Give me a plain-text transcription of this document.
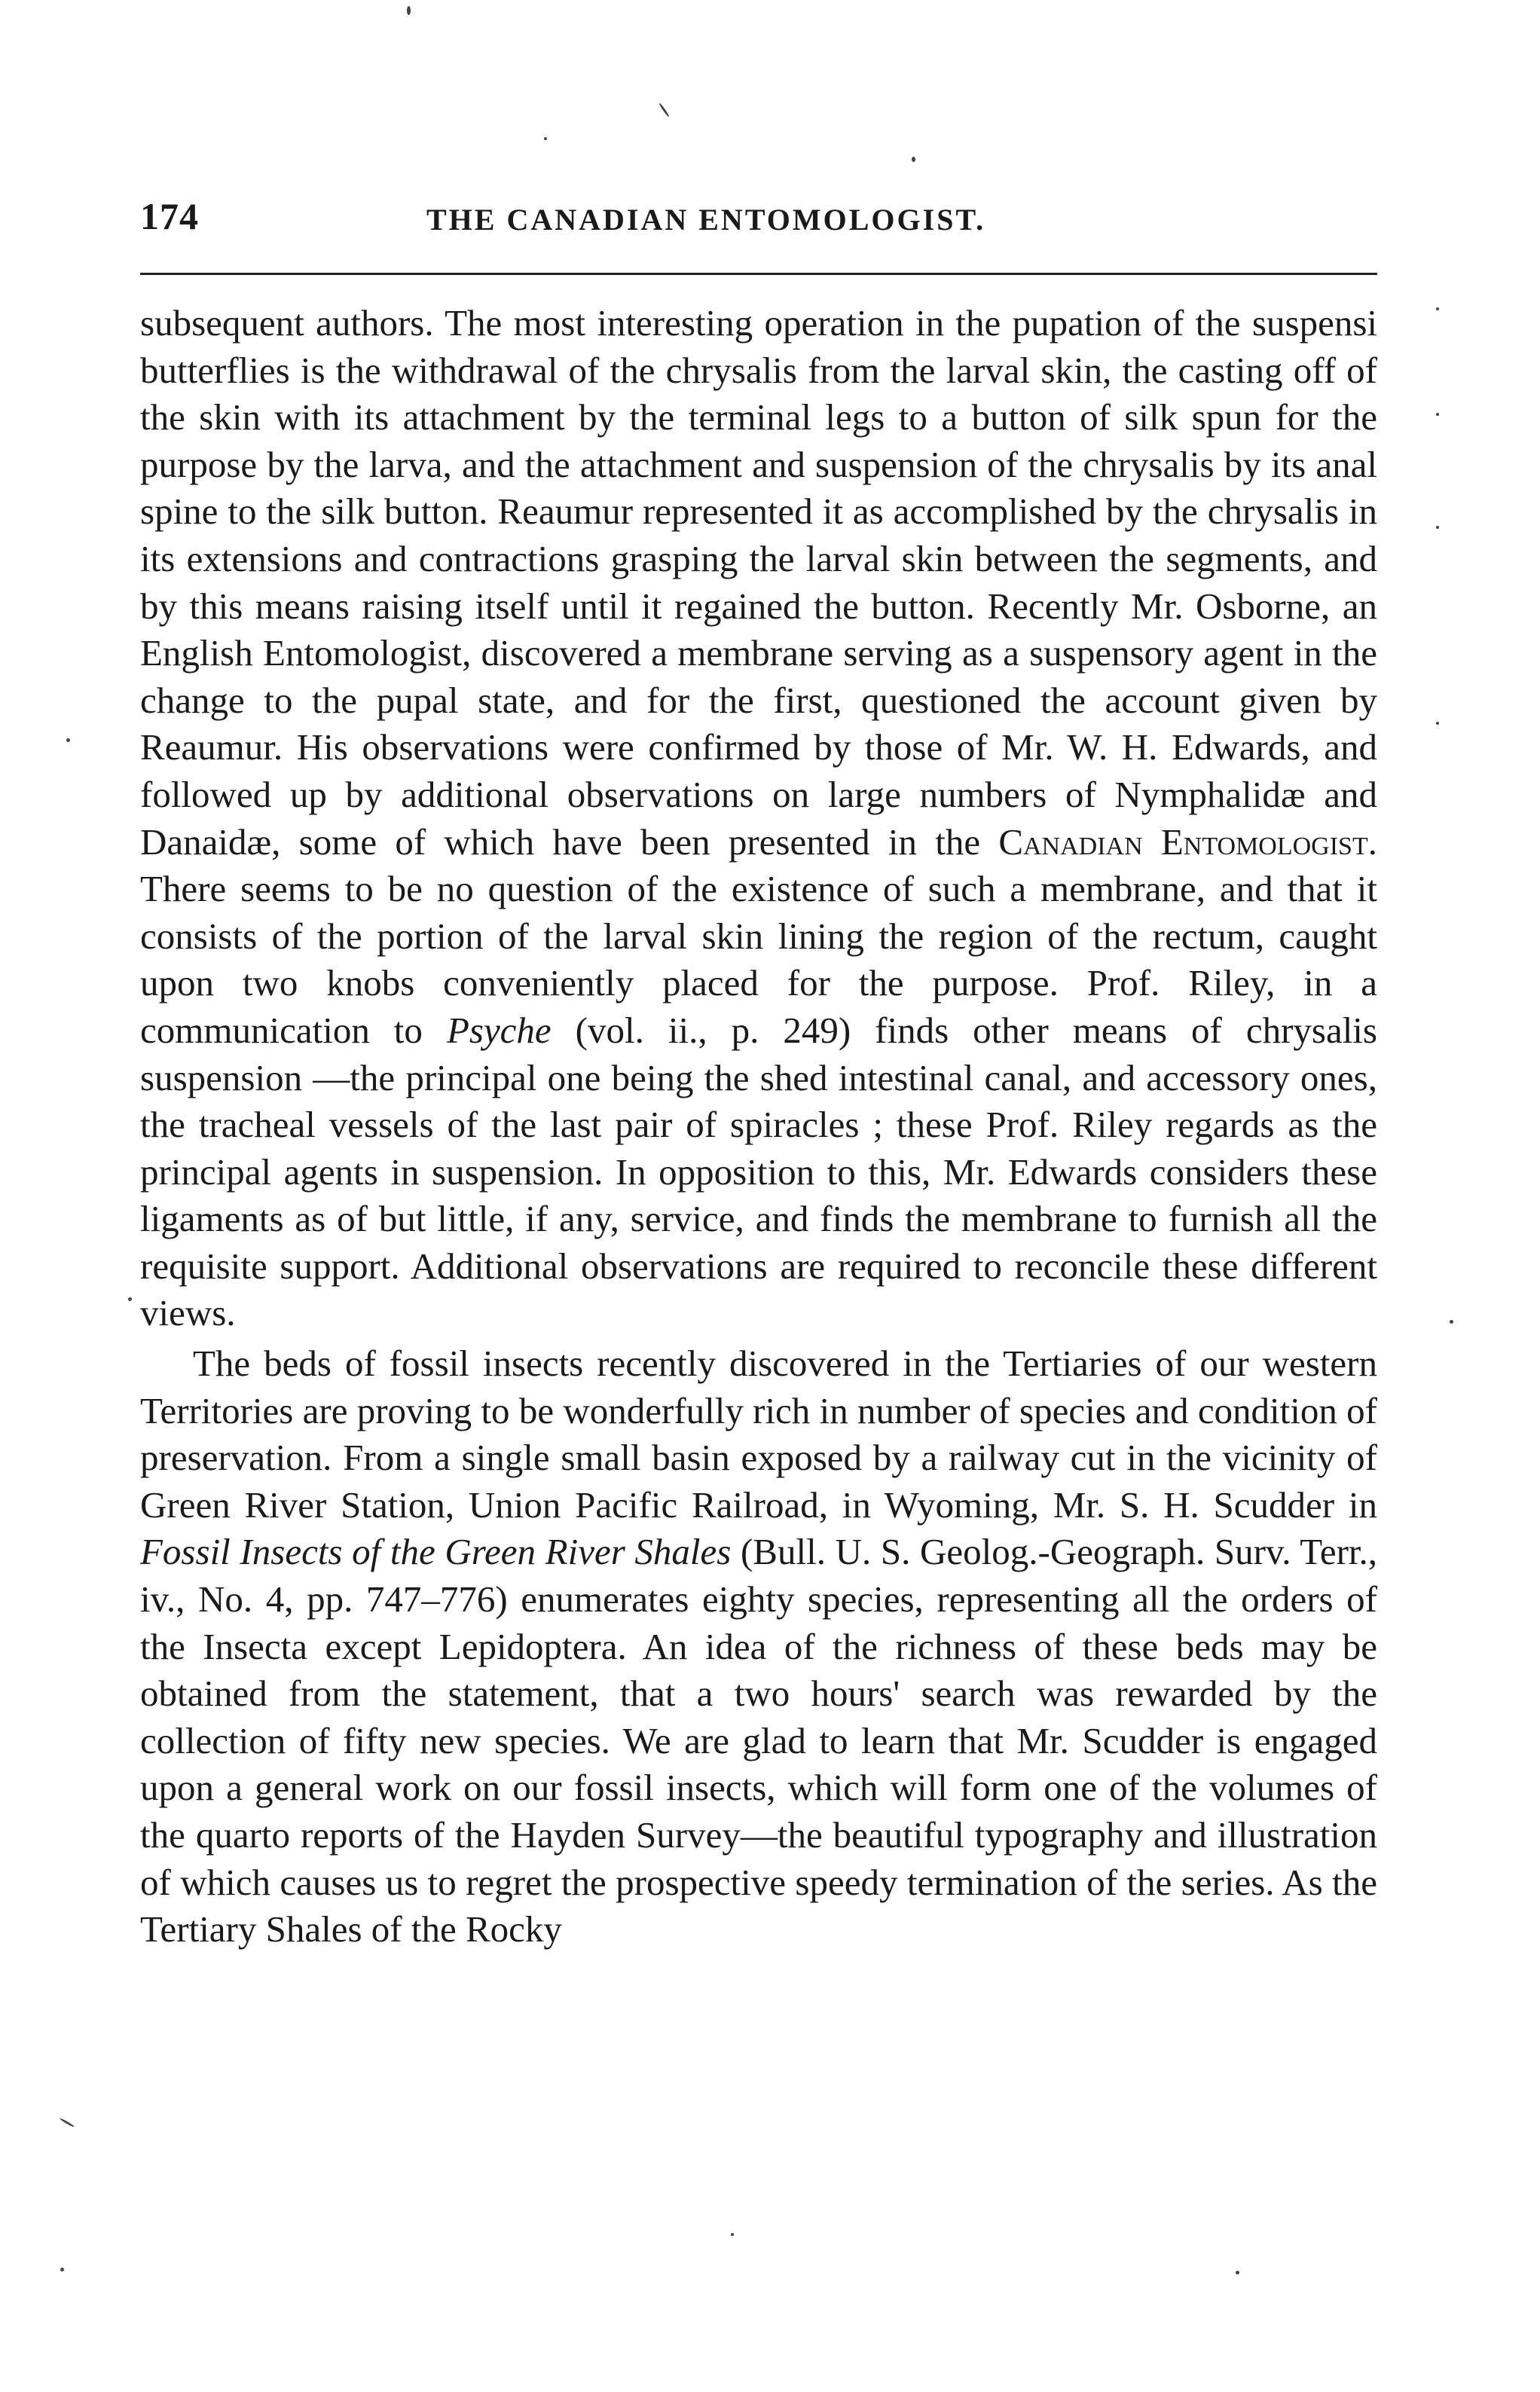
174	THE CANADIAN ENTOMOLOGIST.

subsequent authors. The most interesting operation in the pupation of the suspensi butterflies is the withdrawal of the chrysalis from the larval skin, the casting off of the skin with its attachment by the terminal legs to a button of silk spun for the purpose by the larva, and the attachment and suspension of the chrysalis by its anal spine to the silk button. Reaumur represented it as accomplished by the chrysalis in its extensions and contractions grasping the larval skin between the segments, and by this means raising itself until it regained the button. Recently Mr. Osborne, an English Entomologist, discovered a membrane serving as a suspensory agent in the change to the pupal state, and for the first, questioned the account given by Reaumur. His observations were confirmed by those of Mr. W. H. Edwards, and followed up by additional observations on large numbers of Nymphalidæ and Danaidæ, some of which have been presented in the Canadian Entomologist. There seems to be no question of the existence of such a membrane, and that it consists of the portion of the larval skin lining the region of the rectum, caught upon two knobs conveniently placed for the purpose. Prof. Riley, in a communication to Psyche (vol. ii., p. 249) finds other means of chrysalis suspension —the principal one being the shed intestinal canal, and accessory ones, the tracheal vessels of the last pair of spiracles ; these Prof. Riley regards as the principal agents in suspension. In opposition to this, Mr. Edwards considers these ligaments as of but little, if any, service, and finds the membrane to furnish all the requisite support. Additional observations are required to reconcile these different views.

The beds of fossil insects recently discovered in the Tertiaries of our western Territories are proving to be wonderfully rich in number of species and condition of preservation. From a single small basin exposed by a railway cut in the vicinity of Green River Station, Union Pacific Railroad, in Wyoming, Mr. S. H. Scudder in Fossil Insects of the Green River Shales (Bull. U. S. Geolog.-Geograph. Surv. Terr., iv., No. 4, pp. 747–776) enumerates eighty species, representing all the orders of the Insecta except Lepidoptera. An idea of the richness of these beds may be obtained from the statement, that a two hours' search was rewarded by the collection of fifty new species. We are glad to learn that Mr. Scudder is engaged upon a general work on our fossil insects, which will form one of the volumes of the quarto reports of the Hayden Survey—the beautiful typography and illustration of which causes us to regret the prospective speedy termination of the series. As the Tertiary Shales of the Rocky
